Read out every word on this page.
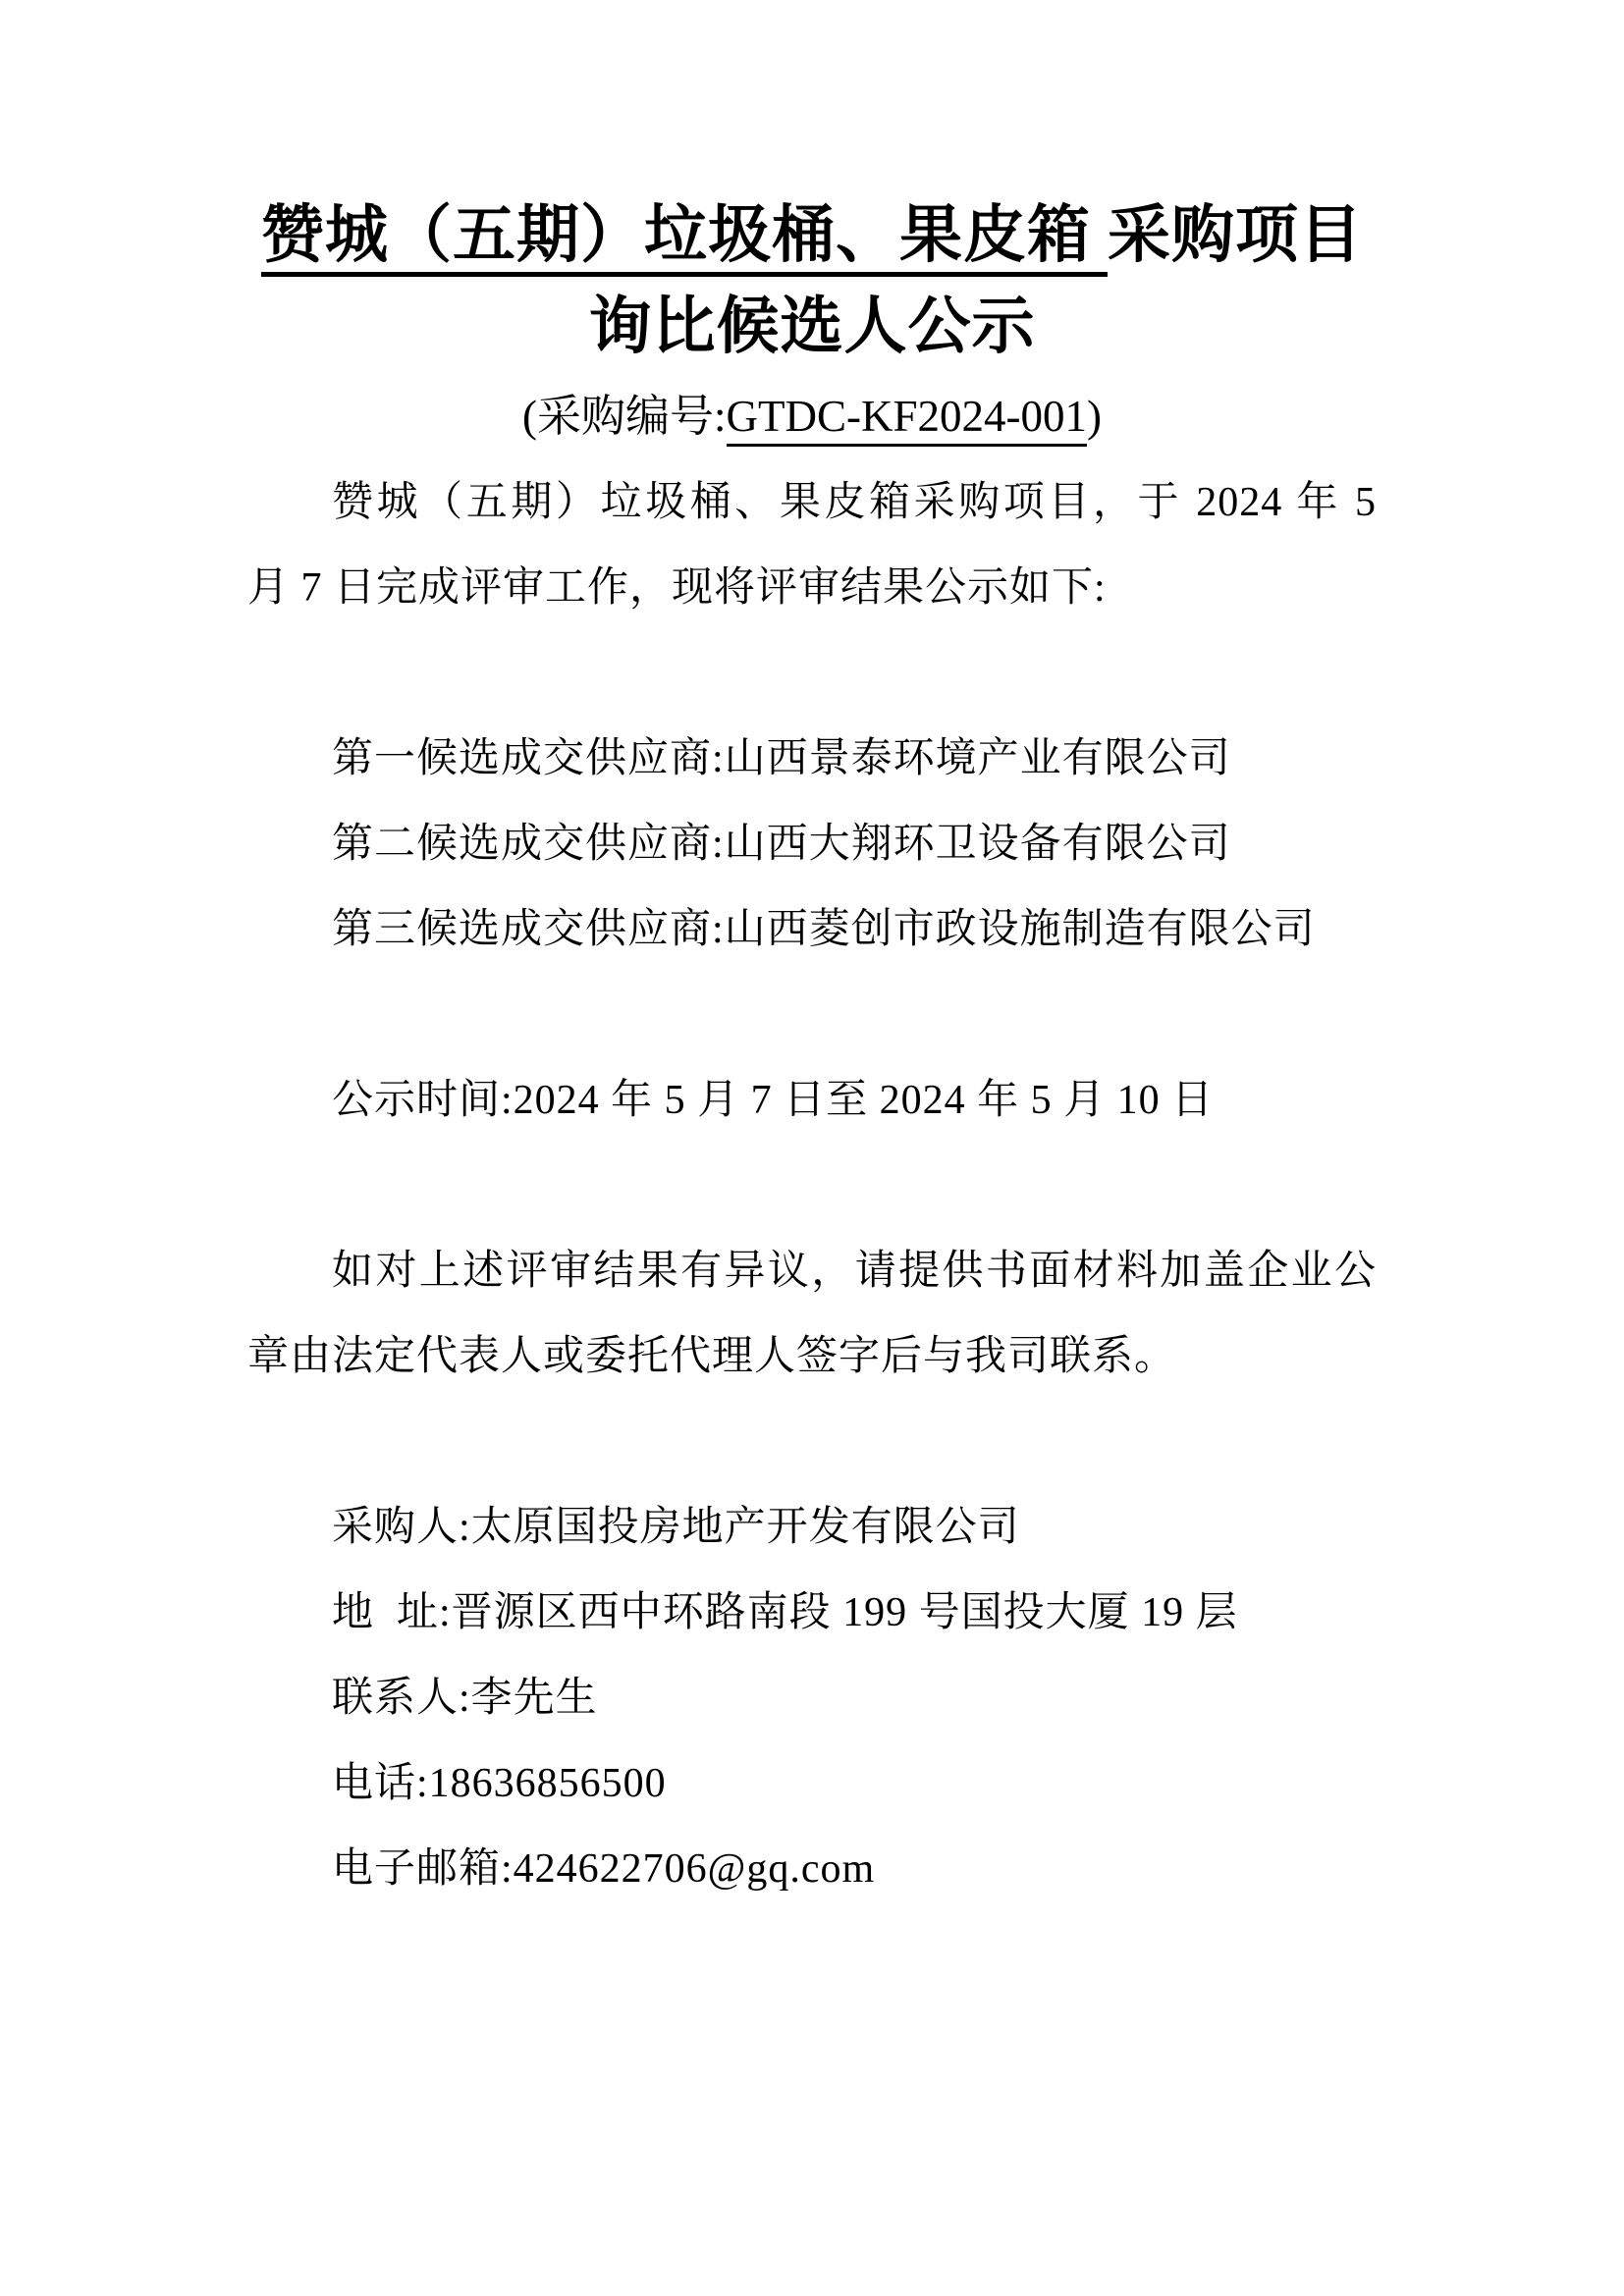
赞城（五期）垃圾桶、果皮箱 采购项目
询比候选人公示
(采购编号:GTDC-KF2024-001)
赞城（五期）垃圾桶、果皮箱采购项目，于 2024 年 5
月 7 日完成评审工作，现将评审结果公示如下:

第一候选成交供应商:山西景泰环境产业有限公司
第二候选成交供应商:山西大翔环卫设备有限公司
第三候选成交供应商:山西菱创市政设施制造有限公司

公示时间:2024 年 5 月 7 日至 2024 年 5 月 10 日

如对上述评审结果有异议，请提供书面材料加盖企业公
章由法定代表人或委托代理人签字后与我司联系。

采购人:太原国投房地产开发有限公司
地  址:晋源区西中环路南段 199 号国投大厦 19 层
联系人:李先生
电话:18636856500
电子邮箱:424622706@gq.com
